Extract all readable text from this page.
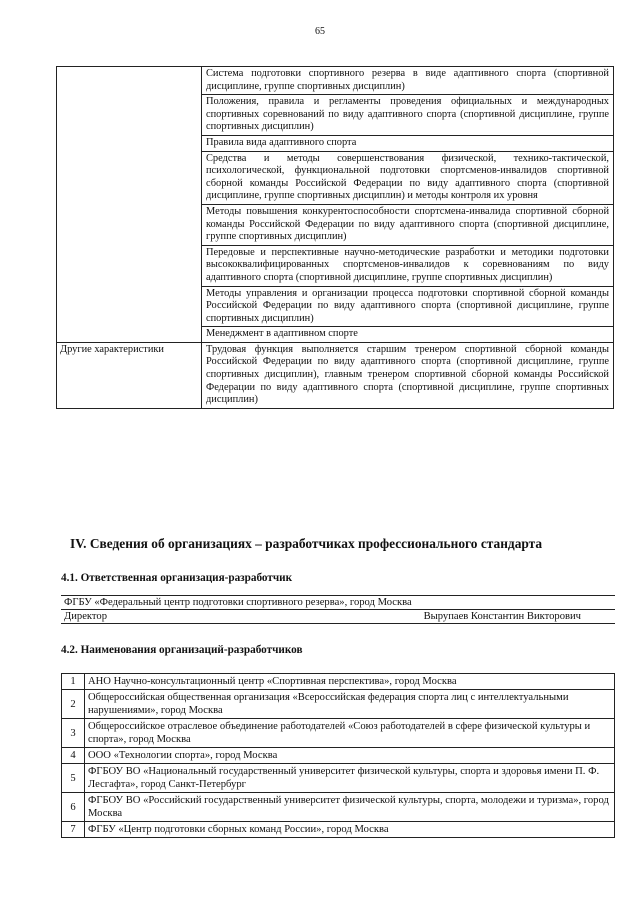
65
	Система подготовки спортивного резерва в виде адаптивного спорта (спортивной дисциплине, группе спортивных дисциплин)
	Положения, правила и регламенты проведения официальных и международных спортивных соревнований по виду адаптивного спорта (спортивной дисциплине, группе спортивных дисциплин)
	Правила вида адаптивного спорта
	Средства и методы совершенствования физической, технико-тактической, психологической, функциональной подготовки спортсменов-инвалидов спортивной сборной команды Российской Федерации по виду адаптивного спорта (спортивной дисциплине, группе спортивных дисциплин) и методы контроля их уровня
	Методы повышения конкурентоспособности спортсмена-инвалида спортивной сборной команды Российской Федерации по виду адаптивного спорта (спортивной дисциплине, группе спортивных дисциплин)
	Передовые и перспективные научно-методические разработки и методики подготовки высококвалифицированных спортсменов-инвалидов к соревнованиям по виду адаптивного спорта (спортивной дисциплине, группе спортивных дисциплин)
	Методы управления и организации процесса подготовки спортивной сборной команды Российской Федерации по виду адаптивного спорта (спортивной дисциплине, группе спортивных дисциплин)
	Менеджмент в адаптивном спорте
Другие характеристики	Трудовая функция выполняется старшим тренером спортивной сборной команды Российской Федерации по виду адаптивного спорта (спортивной дисциплине, группе спортивных дисциплин), главным тренером спортивной сборной команды Российской Федерации по виду адаптивного спорта (спортивной дисциплине, группе спортивных дисциплин)
IV. Сведения об организациях – разработчиках профессионального стандарта
4.1. Ответственная организация-разработчик
ФГБУ «Федеральный центр подготовки спортивного резерва», город Москва
Директор	Вырупаев Константин Викторович
4.2. Наименования организаций-разработчиков
1	АНО Научно-консультационный центр «Спортивная перспектива», город Москва
2	Общероссийская общественная организация «Всероссийская федерация спорта лиц с интеллектуальными нарушениями», город Москва
3	Общероссийское отраслевое объединение работодателей «Союз работодателей в сфере физической культуры и спорта», город Москва
4	ООО «Технологии спорта», город Москва
5	ФГБОУ ВО «Национальный государственный университет физической культуры, спорта и здоровья имени П. Ф. Лесгафта», город Санкт-Петербург
6	ФГБОУ ВО «Российский государственный университет физической культуры, спорта, молодежи и туризма», город Москва
7	ФГБУ «Центр подготовки сборных команд России», город Москва
